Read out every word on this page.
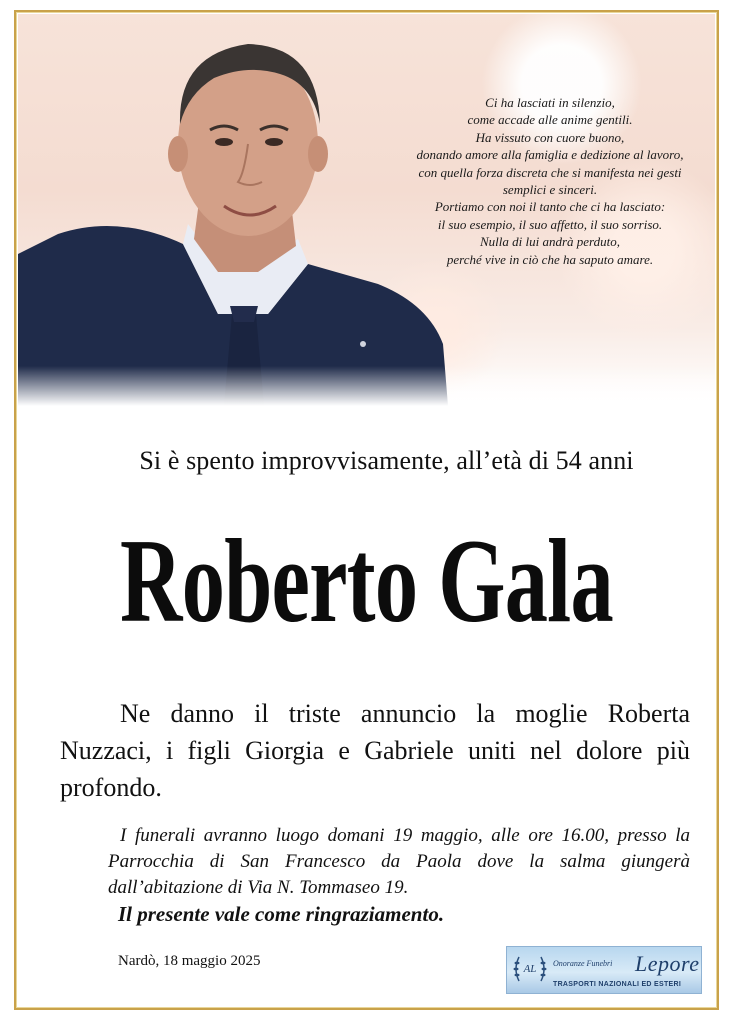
Ci ha lasciati in silenzio,
come accade alle anime gentili.
Ha vissuto con cuore buono,
donando amore alla famiglia e dedizione al lavoro,
con quella forza discreta che si manifesta nei gesti
semplici e sinceri.
Portiamo con noi il tanto che ci ha lasciato:
il suo esempio, il suo affetto, il suo sorriso.
Nulla di lui andrà perduto,
perché vive in ciò che ha saputo amare.
Si è spento improvvisamente, all’età di 54 anni
Roberto Gala
Ne danno il triste annuncio la moglie Roberta Nuzzaci, i figli Giorgia e Gabriele uniti nel dolore più profondo.
I funerali avranno luogo domani 19 maggio, alle ore 16.00, presso la Parrocchia di San Francesco da Paola dove la salma giungerà dall’abitazione di Via N. Tommaseo 19.
Il presente vale come ringraziamento.
Nardò, 18 maggio 2025	AL Onoranze Funebri Lepore
TRASPORTI NAZIONALI ED ESTERI
